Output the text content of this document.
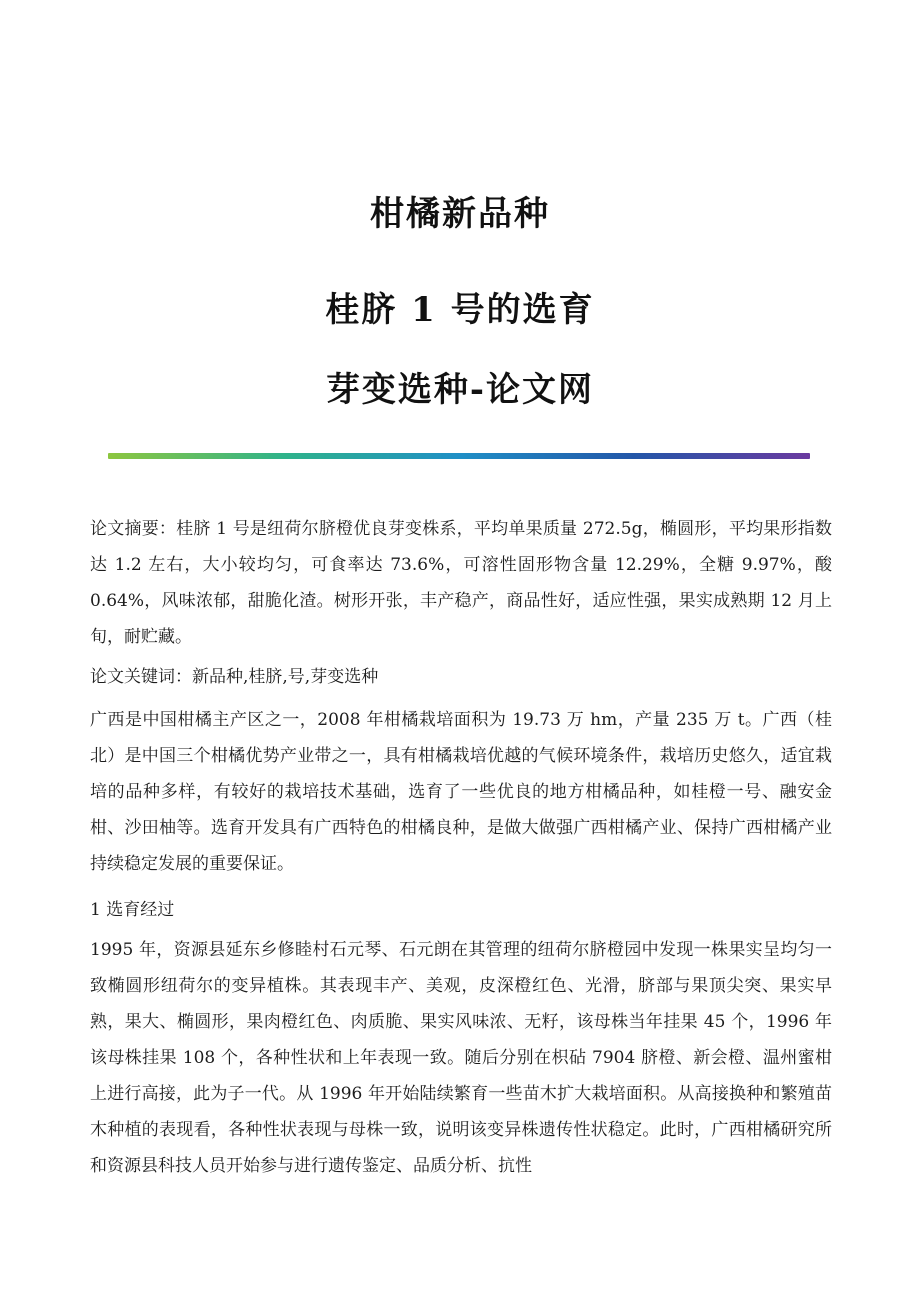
柑橘新品种
桂脐 1 号的选育
芽变选种-论文网

论文摘要：桂脐 1 号是纽荷尔脐橙优良芽变株系，平均单果质量 272.5g，椭圆形，平均果形指数达 1.2 左右，大小较均匀，可食率达 73.6%，可溶性固形物含量 12.29%，全糖 9.97%，酸 0.64%，风味浓郁，甜脆化渣。树形开张，丰产稳产，商品性好，适应性强，果实成熟期 12 月上旬，耐贮藏。

论文关键词：新品种,桂脐,号,芽变选种

广西是中国柑橘主产区之一，2008 年柑橘栽培面积为 19.73 万 hm，产量 235 万 t。广西（桂北）是中国三个柑橘优势产业带之一，具有柑橘栽培优越的气候环境条件，栽培历史悠久，适宜栽培的品种多样，有较好的栽培技术基础，选育了一些优良的地方柑橘品种，如桂橙一号、融安金柑、沙田柚等。选育开发具有广西特色的柑橘良种，是做大做强广西柑橘产业、保持广西柑橘产业持续稳定发展的重要保证。

1 选育经过

1995 年，资源县延东乡修睦村石元琴、石元朗在其管理的纽荷尔脐橙园中发现一株果实呈均匀一致椭圆形纽荷尔的变异植株。其表现丰产、美观，皮深橙红色、光滑，脐部与果顶尖突、果实早熟，果大、椭圆形，果肉橙红色、肉质脆、果实风味浓、无籽，该母株当年挂果 45 个，1996 年该母株挂果 108 个，各种性状和上年表现一致。随后分别在枳砧 7904 脐橙、新会橙、温州蜜柑上进行高接，此为子一代。从 1996 年开始陆续繁育一些苗木扩大栽培面积。从高接换种和繁殖苗木种植的表现看，各种性状表现与母株一致，说明该变异株遗传性状稳定。此时，广西柑橘研究所和资源县科技人员开始参与进行遗传鉴定、品质分析、抗性
